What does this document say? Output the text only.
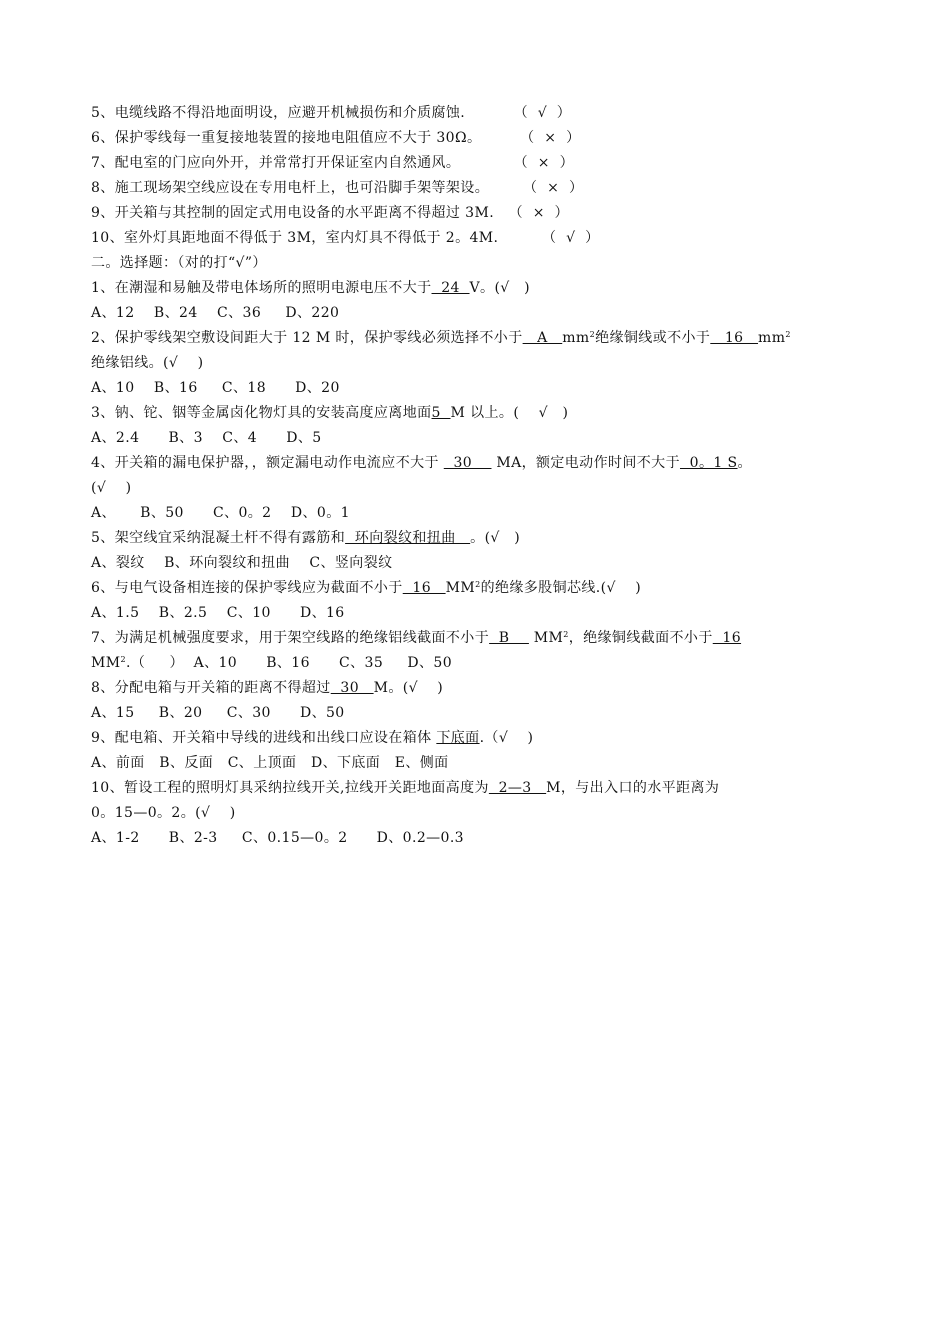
5、电缆线路不得沿地面明设，应避开机械损伤和介质腐蚀.          （  √  ）
6、保护零线每一重复接地装置的接地电阻值应不大于 30Ω。        （  ×  ）
7、配电室的门应向外开，并常常打开保证室内自然通风。           （  ×  ）
8、施工现场架空线应设在专用电杆上，也可沿脚手架等架设。       （  ×  ）
9、开关箱与其控制的固定式用电设备的水平距离不得超过 3M.   （  ×  ）
10、室外灯具距地面不得低于 3M，室内灯具不得低于 2。4M.         （  √  ）
二。选择题：（对的打“√”）
1、在潮湿和易触及带电体场所的照明电源电压不大于  24  V。(√   )
A、12    B、24    C、36     D、220
2、保护零线架空敷设间距大于 12 M 时，保护零线必须选择不小于   A   $mm^2$绝缘铜线或不小于   16   $mm^2$
绝缘铝线。(√    )
A、10    B、16     C、18      D、20
3、钠、铊、铟等金属卤化物灯具的安装高度应离地面5  M 以上。(    √   )
A、2.4      B、3    C、4      D、5
4、开关箱的漏电保护器，，额定漏电动作电流应不大于   30     MA，额定电动作时间不大于  0。1 S。
(√    )
A、     B、50      C、0。2    D、0。1
5、架空线宜采纳混凝土杆不得有露筋和  环向裂纹和扭曲   。(√   )
A、裂纹    B、环向裂纹和扭曲    C、竖向裂纹
6、与电气设备相连接的保护零线应为截面不小于  16   $MM^2$的绝缘多股铜芯线.(√    )
A、1.5    B、2.5    C、10      D、16
7、为满足机械强度要求，用于架空线路的绝缘铝线截面不小于  B     $MM^2$，绝缘铜线截面不小于  16
$MM^2$.（     ）  A、10      B、16      C、35     D、50
8、分配电箱与开关箱的距离不得超过  30   M。(√    )
A、15     B、20     C、30      D、50
9、配电箱、开关箱中导线的进线和出线口应设在箱体 下底面.（√    )
A、前面   B、反面   C、上顶面   D、下底面   E、侧面
10、暂设工程的照明灯具采纳拉线开关,拉线开关距地面高度为  2—3   M，与出入口的水平距离为
0。15—0。2。(√    )
A、1-2      B、2-3     C、0.15—0。2      D、0.2—0.3
